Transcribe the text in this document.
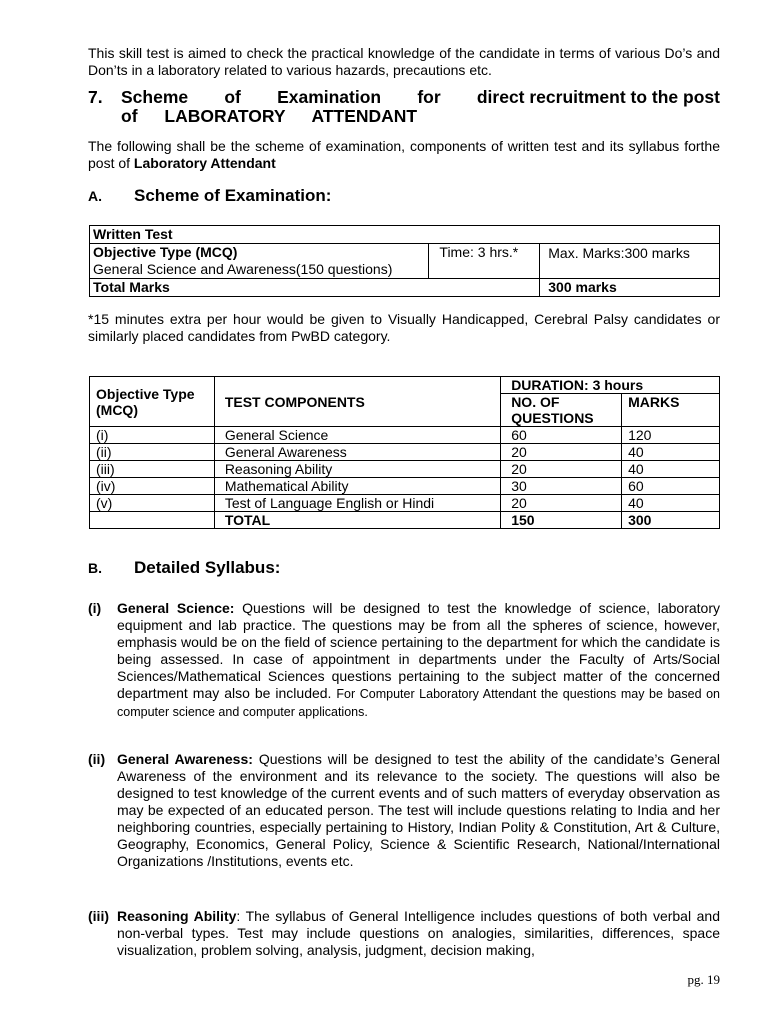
This skill test is aimed to check the practical knowledge of the candidate in terms of various Do’s and Don’ts in a laboratory related to various hazards, precautions etc.

7. Scheme of Examination for direct recruitment to the post
of LABORATORY ATTENDANT

The following shall be the scheme of examination, components of written test and its syllabus forthe post of Laboratory Attendant

A. Scheme of Examination:
Written Test		

Objective Type (MCQ)
General Science and Awareness(150 questions)	Time: 3 hrs.*	Max. Marks:300 marks
Total Marks		300 marks

*15 minutes extra per hour would be given to Visually Handicapped, Cerebral Palsy candidates or similarly placed candidates from PwBD category.

Objective Type (MCQ)	TEST COMPONENTS	DURATION: 3 hours	
		NO. OF QUESTIONS	MARKS
(i)	General Science	60	120
(ii)	General Awareness	20	40
(iii)	Reasoning Ability	20	40
(iv)	Mathematical Ability	30	60
(v)	Test of Language English or Hindi	20	40
	TOTAL	150	300
B. Detailed Syllabus:
(i) General Science: Questions will be designed to test the knowledge of science, laboratory equipment and lab practice. The questions may be from all the spheres of science, however, emphasis would be on the field of science pertaining to the department for which the candidate is being assessed. In case of appointment in departments under the Faculty of Arts/Social Sciences/Mathematical Sciences questions pertaining to the subject matter of the concerned department may also be included. For Computer Laboratory Attendant the questions may be based on computer science and computer applications.

(ii) General Awareness: Questions will be designed to test the ability of the candidate’s General Awareness of the environment and its relevance to the society. The questions will also be designed to test knowledge of the current events and of such matters of everyday observation as may be expected of an educated person. The test will include questions relating to India and her neighboring countries, especially pertaining to History, Indian Polity & Constitution, Art & Culture, Geography, Economics, General Policy, Science & Scientific Research, National/International Organizations /Institutions, events etc.

(iii) Reasoning Ability: The syllabus of General Intelligence includes questions of both verbal and non-verbal types. Test may include questions on analogies, similarities, differences, space visualization, problem solving, analysis, judgment, decision making,

pg. 19
